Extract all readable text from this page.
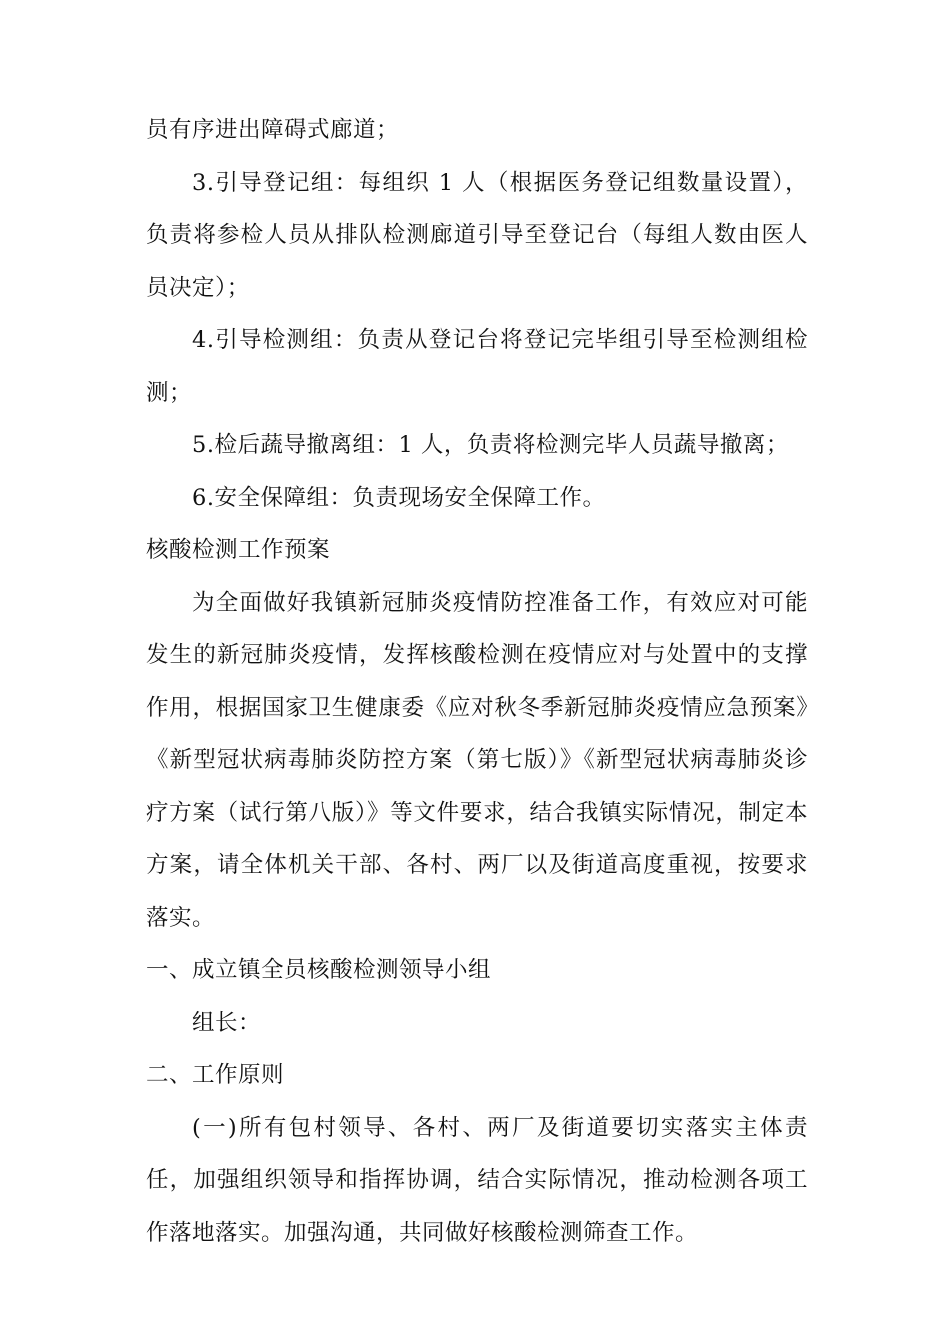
员有序进出障碍式廊道；

3.引导登记组：每组织 1 人（根据医务登记组数量设置），负责将参检人员从排队检测廊道引导至登记台（每组人数由医人员决定）；

4.引导检测组：负责从登记台将登记完毕组引导至检测组检测；

5.检后蔬导撤离组：1 人，负责将检测完毕人员蔬导撤离；

6.安全保障组：负责现场安全保障工作。

核酸检测工作预案

为全面做好我镇新冠肺炎疫情防控准备工作，有效应对可能发生的新冠肺炎疫情，发挥核酸检测在疫情应对与处置中的支撑作用，根据国家卫生健康委《应对秋冬季新冠肺炎疫情应急预案》《新型冠状病毒肺炎防控方案（第七版）》《新型冠状病毒肺炎诊疗方案（试行第八版）》等文件要求，结合我镇实际情况，制定本方案，请全体机关干部、各村、两厂以及街道高度重视，按要求落实。

一、成立镇全员核酸检测领导小组

组长：

二、工作原则

(一)所有包村领导、各村、两厂及街道要切实落实主体责任，加强组织领导和指挥协调，结合实际情况，推动检测各项工作落地落实。加强沟通，共同做好核酸检测筛查工作。
